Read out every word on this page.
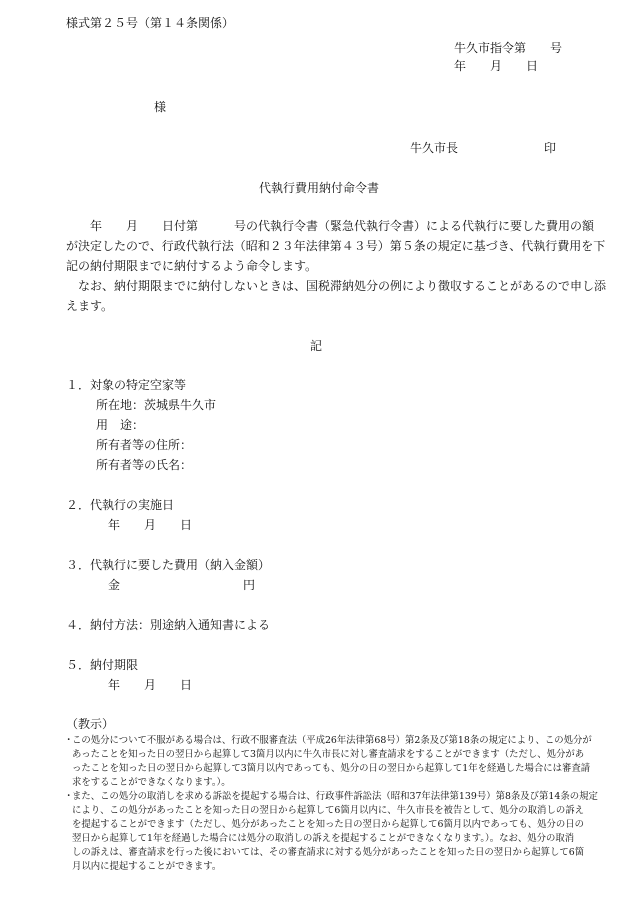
様式第２５号（第１４条関係）
牛久市指令第　　号
年　　月　　日
様
牛久市長	印
代執行費用納付命令書
　　年　　月　　日付第　　　号の代執行令書（緊急代執行令書）による代執行に要した費用の額
が決定したので、行政代執行法（昭和２３年法律第４３号）第５条の規定に基づき、代執行費用を下
記の納付期限までに納付するよう命令します。
なお、納付期限までに納付しないときは、国税滞納処分の例により徴収することがあるので申し添
えます。
記
１．対象の特定空家等
所在地：茨城県牛久市
用　途：
所有者等の住所：
所有者等の氏名：
２．代執行の実施日
年　　月　　日
３．代執行に要した費用（納入金額）
金	円
４．納付方法：別途納入通知書による
５．納付期限
年　　月　　日
（教示）
・
この処分について不服がある場合は、行政不服審査法（平成26年法律第68号）第2条及び第18条の規定により、この処分が
あったことを知った日の翌日から起算して3箇月以内に牛久市長に対し審査請求をすることができます（ただし、処分があ
ったことを知った日の翌日から起算して3箇月以内であっても、処分の日の翌日から起算して1年を経過した場合には審査請
求をすることができなくなります。）。
・
また、この処分の取消しを求める訴訟を提起する場合は、行政事件訴訟法（昭和37年法律第139号）第8条及び第14条の規定
により、この処分があったことを知った日の翌日から起算して6箇月以内に、牛久市長を被告として、処分の取消しの訴え
を提起することができます（ただし、処分があったことを知った日の翌日から起算して6箇月以内であっても、処分の日の
翌日から起算して1年を経過した場合には処分の取消しの訴えを提起することができなくなります。）。なお、処分の取消
しの訴えは、審査請求を行った後においては、その審査請求に対する処分があったことを知った日の翌日から起算して6箇
月以内に提起することができます。
